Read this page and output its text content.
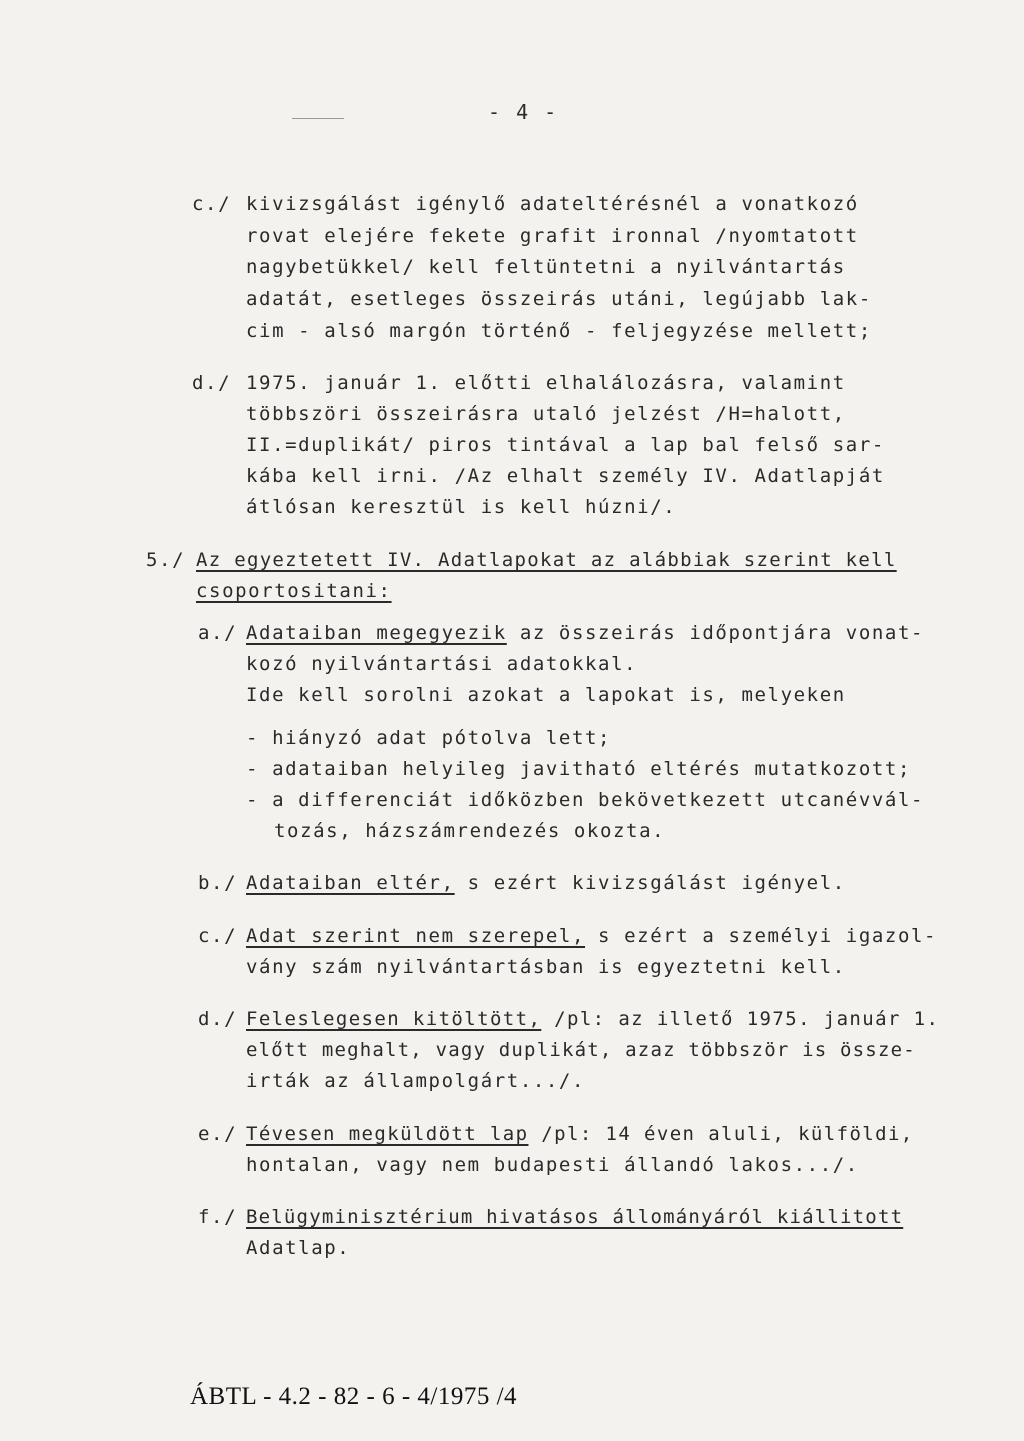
- 4 -
c./ kivizsgálást igénylő adateltérésnél a vonatkozó
rovat elejére fekete grafit ironnal /nyomtatott
nagybetükkel/ kell feltüntetni a nyilvántartás
adatát, esetleges összeirás utáni, legújabb lak-
cim - alsó margón történő - feljegyzése mellett;
d./ 1975. január 1. előtti elhalálozásra, valamint
többszöri összeirásra utaló jelzést /H=halott,
II.=duplikát/ piros tintával a lap bal felső sar-
kába kell irni. /Az elhalt személy IV. Adatlapját
átlósan keresztül is kell húzni/.
5./ Az egyeztetett IV. Adatlapokat az alábbiak szerint kell
csoportositani:
a./ Adataiban megegyezik az összeirás időpontjára vonat-
kozó nyilvántartási adatokkal.
Ide kell sorolni azokat a lapokat is, melyeken
- hiányzó adat pótolva lett;
- adataiban helyileg javitható eltérés mutatkozott;
- a differenciát időközben bekövetkezett utcanévvál-
tozás, házszámrendezés okozta.
b./ Adataiban eltér, s ezért kivizsgálást igényel.
c./ Adat szerint nem szerepel, s ezért a személyi igazol-
vány szám nyilvántartásban is egyeztetni kell.
d./ Feleslegesen kitöltött, /pl: az illető 1975. január 1.
előtt meghalt, vagy duplikát, azaz többször is össze-
irták az állampolgárt.../.
e./ Tévesen megküldött lap /pl: 14 éven aluli, külföldi,
hontalan, vagy nem budapesti állandó lakos.../.
f./ Belügyminisztérium hivatásos állományáról kiállitott
Adatlap.
ÁBTL - 4.2 - 82 - 6 - 4/1975 /4
